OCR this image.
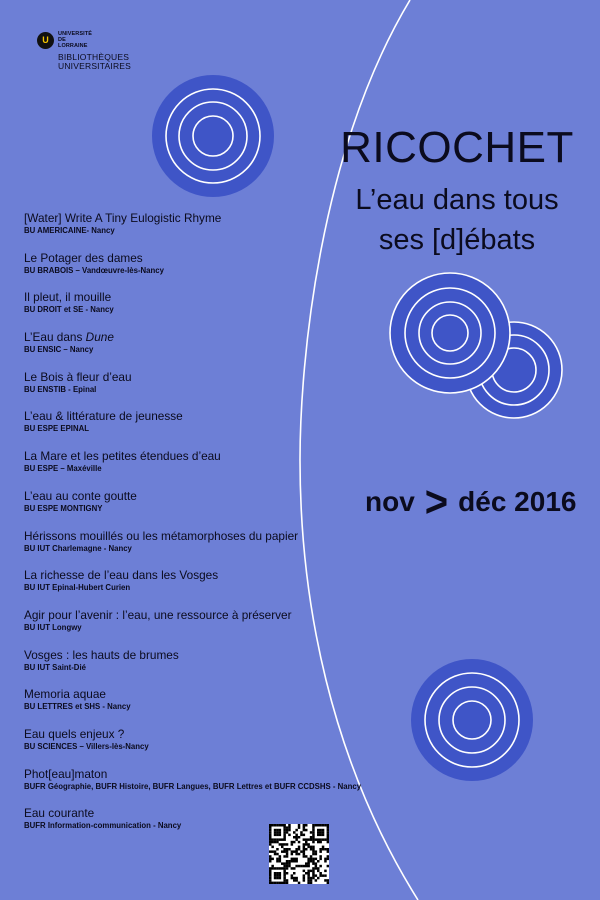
U
UNIVERSITÉ DE LORRAINE
BIBLIOTHÈQUES
UNIVERSITAIRES
RICOCHET
L’eau dans tous
ses [d]ébats
nov > déc 2016
[Water] Write A Tiny Eulogistic Rhyme
BU AMERICAINE- Nancy
Le Potager des dames
BU BRABOIS – Vandœuvre-lès-Nancy
Il pleut, il mouille
BU DROIT et SE - Nancy
L’Eau dans Dune
BU ENSIC – Nancy
Le Bois à fleur d’eau
BU ENSTIB - Epinal
L’eau & littérature de jeunesse
BU ESPE EPINAL
La Mare et les petites étendues d’eau
BU ESPE – Maxéville
L’eau au conte goutte
BU ESPE MONTIGNY
Hérissons mouillés ou les métamorphoses du papier
BU IUT Charlemagne - Nancy
La richesse de l’eau dans les Vosges
BU IUT Epinal-Hubert Curien
Agir pour l’avenir : l’eau, une ressource à préserver
BU IUT Longwy
Vosges : les hauts de brumes
BU IUT Saint-Dié
Memoria aquae
BU LETTRES et SHS - Nancy
Eau quels enjeux ?
BU SCIENCES – Villers-lès-Nancy
Phot[eau]maton
BUFR Géographie, BUFR Histoire, BUFR Langues, BUFR Lettres et BUFR CCDSHS - Nancy
Eau courante
BUFR Information-communication - Nancy
